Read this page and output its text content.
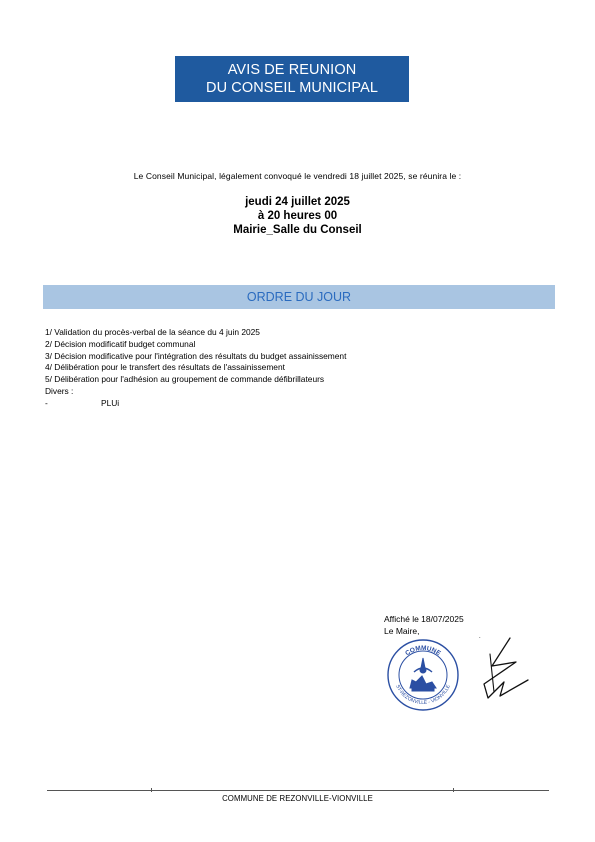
AVIS DE REUNION
DU CONSEIL MUNICIPAL
Le Conseil Municipal, légalement convoqué le vendredi 18 juillet 2025, se réunira le :
jeudi 24 juillet 2025
à 20 heures 00
Mairie_Salle du Conseil
ORDRE DU JOUR
1/ Validation du procès-verbal de la séance du 4 juin 2025
2/ Décision modificatif budget communal
3/ Décision modificative pour l'intégration des résultats du budget assainissement
4/ Délibération pour le transfert des résultats de l'assainissement
5/ Délibération pour l'adhésion au groupement de commande défibrillateurs
Divers :
-	PLUi
Affiché le 18/07/2025
Le Maire,
.
COMMUNE
ST-REZONVILLE - VIONVILLE
COMMUNE DE REZONVILLE-VIONVILLE
